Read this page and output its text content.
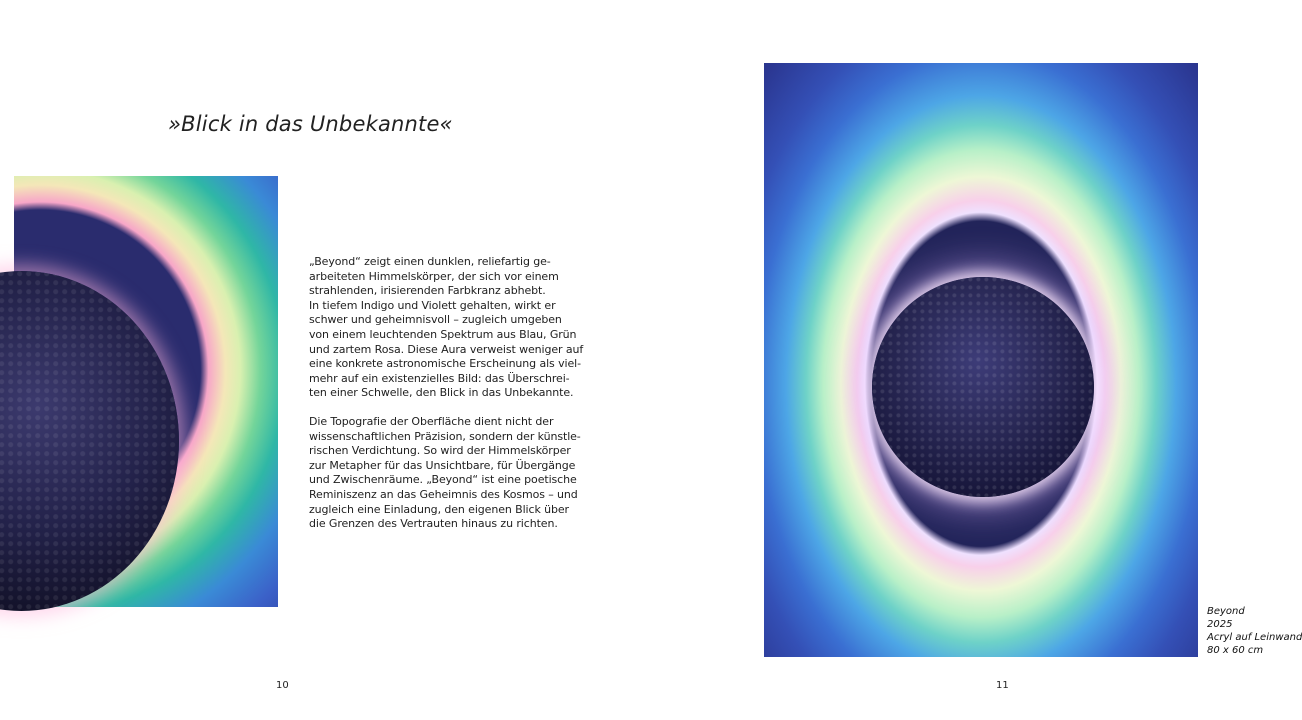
»Blick in das Unbekannte«

„Beyond“ zeigt einen dunklen, reliefartig ge-
arbeiteten Himmelskörper, der sich vor einem
strahlenden, irisierenden Farbkranz abhebt.
In tiefem Indigo und Violett gehalten, wirkt er
schwer und geheimnisvoll – zugleich umgeben
von einem leuchtenden Spektrum aus Blau, Grün
und zartem Rosa. Diese Aura verweist weniger auf
eine konkrete astronomische Erscheinung als viel-
mehr auf ein existenzielles Bild: das Überschrei-
ten einer Schwelle, den Blick in das Unbekannte.

Die Topografie der Oberfläche dient nicht der
wissenschaftlichen Präzision, sondern der künstle-
rischen Verdichtung. So wird der Himmelskörper
zur Metapher für das Unsichtbare, für Übergänge
und Zwischenräume. „Beyond“ ist eine poetische
Reminiszenz an das Geheimnis des Kosmos – und
zugleich eine Einladung, den eigenen Blick über
die Grenzen des Vertrauten hinaus zu richten.

Beyond
2025
Acryl auf Leinwand
80 x 60 cm
10	11
